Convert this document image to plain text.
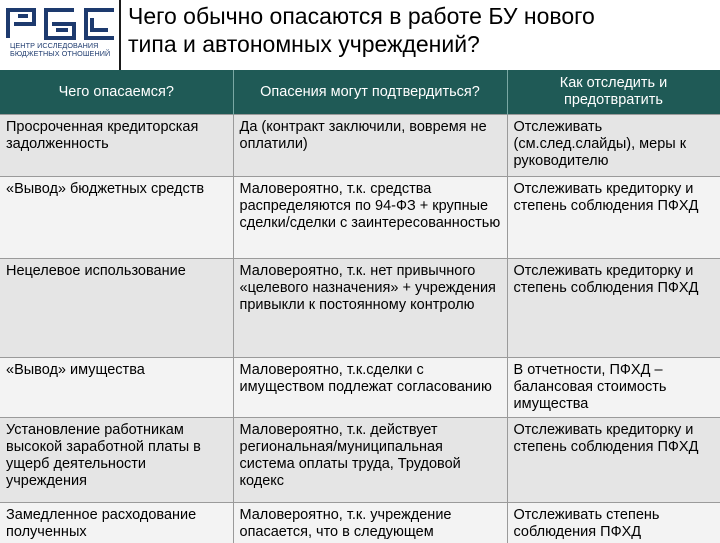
ЦЕНТР ИССЛЕДОВАНИЯ
БЮДЖЕТНЫХ ОТНОШЕНИЙ
Чего обычно опасаются в работе БУ нового
типа и автономных учреждений?
Чего опасаемся?	Опасения могут подтвердиться?	Как отследить и предотвратить
Просроченная кредиторская задолженность	Да (контракт заключили, вовремя не оплатили)	Отслеживать (см.след.слайды), меры к руководителю
«Вывод» бюджетных средств	Маловероятно, т.к. средства распределяются по 94-ФЗ + крупные сделки/сделки с заинтересованностью	Отслеживать кредиторку и степень соблюдения ПФХД
Нецелевое использование	Маловероятно, т.к. нет привычного «целевого назначения» + учреждения привыкли к постоянному контролю	Отслеживать кредиторку и степень соблюдения ПФХД
«Вывод» имущества	Маловероятно, т.к.сделки с имуществом подлежат согласованию	В отчетности, ПФХД – балансовая стоимость имущества
Установление работникам высокой заработной платы в ущерб деятельности учреждения	Маловероятно, т.к. действует региональная/муниципальная система оплаты труда, Трудовой кодекс	Отслеживать кредиторку и степень соблюдения ПФХД
Замедленное расходование полученных	Маловероятно, т.к. учреждение опасается, что в следующем	Отслеживать степень соблюдения ПФХД
